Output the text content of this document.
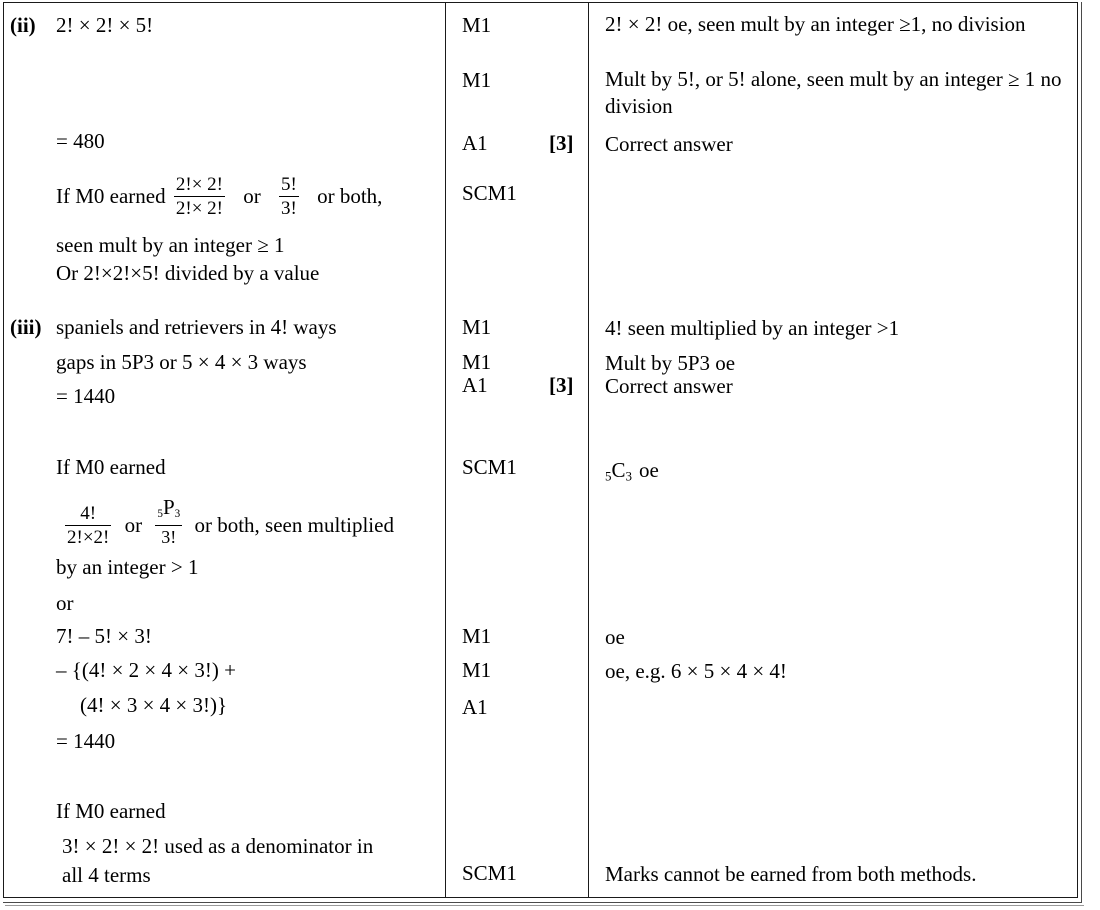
(ii) 2! × 2! × 5!
= 480
If M0 earned $\frac{2!\times 2!}{2!\times 2!}$ or $\frac{5!}{3!}$ or both,
seen mult by an integer ≥ 1
Or 2!×2!×5! divided by a value
(iii) spaniels and retrievers in 4! ways
gaps in 5P3 or 5 × 4 × 3 ways
= 1440
If M0 earned
$\frac{4!}{2!\times 2!}$ or $\frac{5P3}{3!}$ or both, seen multiplied
by an integer > 1
or
7! – 5! × 3!
– {(4! × 2 × 4 × 3!) +
(4! × 3 × 4 × 3!)}
= 1440
If M0 earned
3! × 2! × 2! used as a denominator in
all 4 terms
M1
M1
A1	[3]
SCM1
M1
M1
A1	[3]
SCM1
M1
M1
A1
SCM1
2! × 2! oe, seen mult by an integer ≥1, no division
Mult by 5!, or 5! alone, seen mult by an integer ≥ 1 no division
Correct answer
4! seen multiplied by an integer >1
Mult by 5P3 oe
Correct answer
5C3 oe
oe
oe, e.g. 6 × 5 × 4 × 4!
Marks cannot be earned from both methods.
